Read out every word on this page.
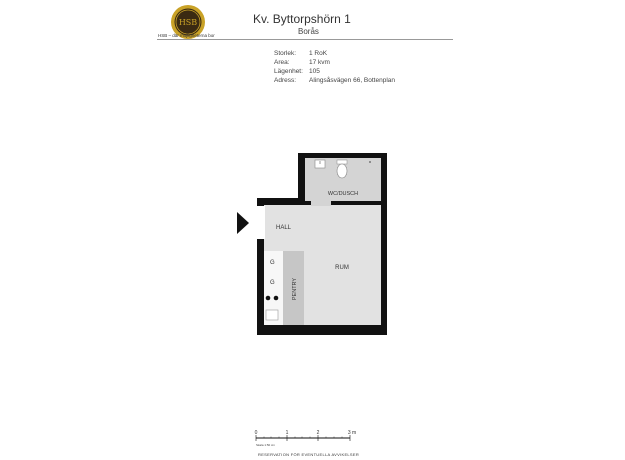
HSB
HSB – där möjligheterna bor
Kv. Byttorpshörn 1
Borås
Storlek:	1 RoK
Area:	17 kvm
Lägenhet: 105
Adress:	Alingsåsvägen 66, Bottenplan
G
G
WC/DUSCH
HALL
RUM
PENTRY
0	1	2	3 m
Skala 1:50 cm
RESERVATION FÖR EVENTUELLA AVVIKELSER
